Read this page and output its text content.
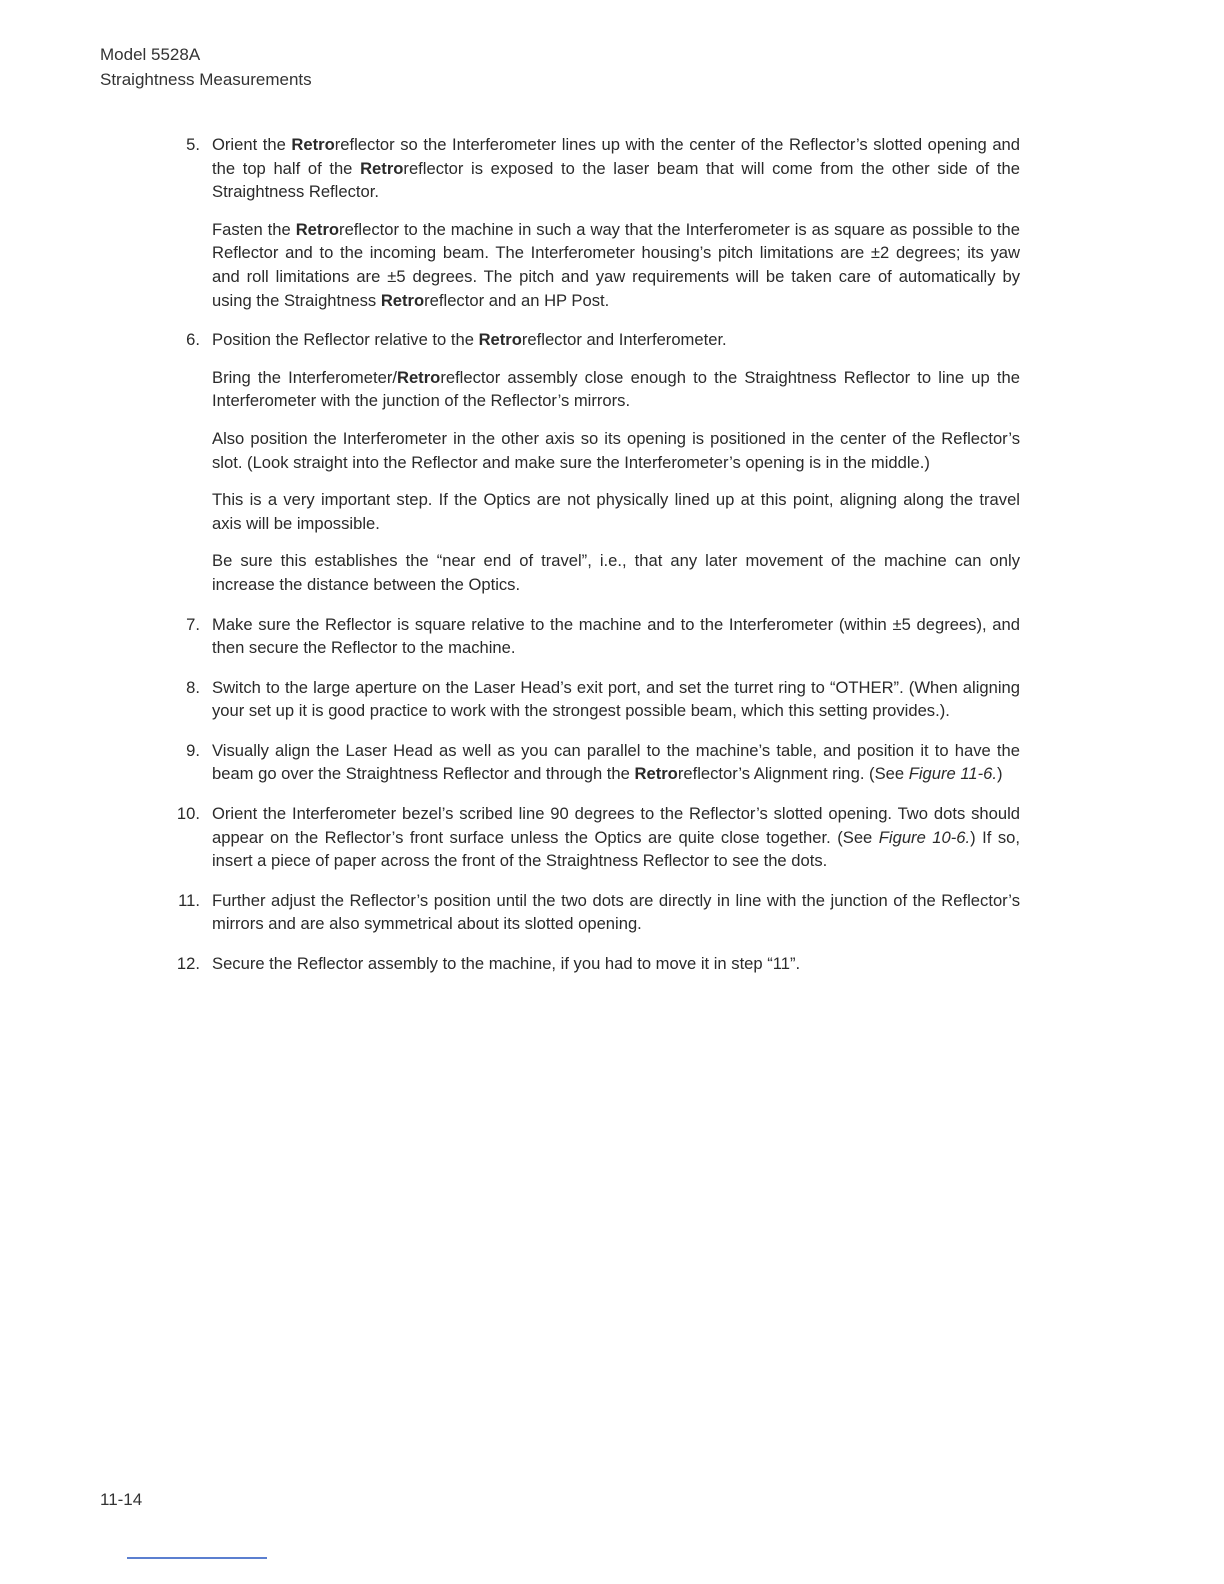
Model 5528A
Straightness Measurements
5. Orient the Retroreflector so the Interferometer lines up with the center of the Reflector’s slotted opening and the top half of the Retroreflector is exposed to the laser beam that will come from the other side of the Straightness Reflector.

Fasten the Retroreflector to the machine in such a way that the Interferometer is as square as possible to the Reflector and to the incoming beam. The Interferometer housing’s pitch limitations are ±2 degrees; its yaw and roll limitations are ±5 degrees. The pitch and yaw requirements will be taken care of automatically by using the Straightness Retroreflector and an HP Post.

6. Position the Reflector relative to the Retroreflector and Interferometer.

Bring the Interferometer/Retroreflector assembly close enough to the Straightness Reflector to line up the Interferometer with the junction of the Reflector’s mirrors.

Also position the Interferometer in the other axis so its opening is positioned in the center of the Reflector’s slot. (Look straight into the Reflector and make sure the Interferometer’s opening is in the middle.)

This is a very important step. If the Optics are not physically lined up at this point, aligning along the travel axis will be impossible.

Be sure this establishes the “near end of travel”, i.e., that any later movement of the machine can only increase the distance between the Optics.

7. Make sure the Reflector is square relative to the machine and to the Interferometer (within ±5 degrees), and then secure the Reflector to the machine.

8. Switch to the large aperture on the Laser Head’s exit port, and set the turret ring to “OTHER”. (When aligning your set up it is good practice to work with the strongest possible beam, which this setting provides.).

9. Visually align the Laser Head as well as you can parallel to the machine’s table, and position it to have the beam go over the Straightness Reflector and through the Retroreflector’s Alignment ring. (See Figure 11-6.)

10. Orient the Interferometer bezel’s scribed line 90 degrees to the Reflector’s slotted opening. Two dots should appear on the Reflector’s front surface unless the Optics are quite close together. (See Figure 10-6.) If so, insert a piece of paper across the front of the Straightness Reflector to see the dots.

11. Further adjust the Reflector’s position until the two dots are directly in line with the junction of the Reflector’s mirrors and are also symmetrical about its slotted opening.

12. Secure the Reflector assembly to the machine, if you had to move it in step “11”.

11-14
